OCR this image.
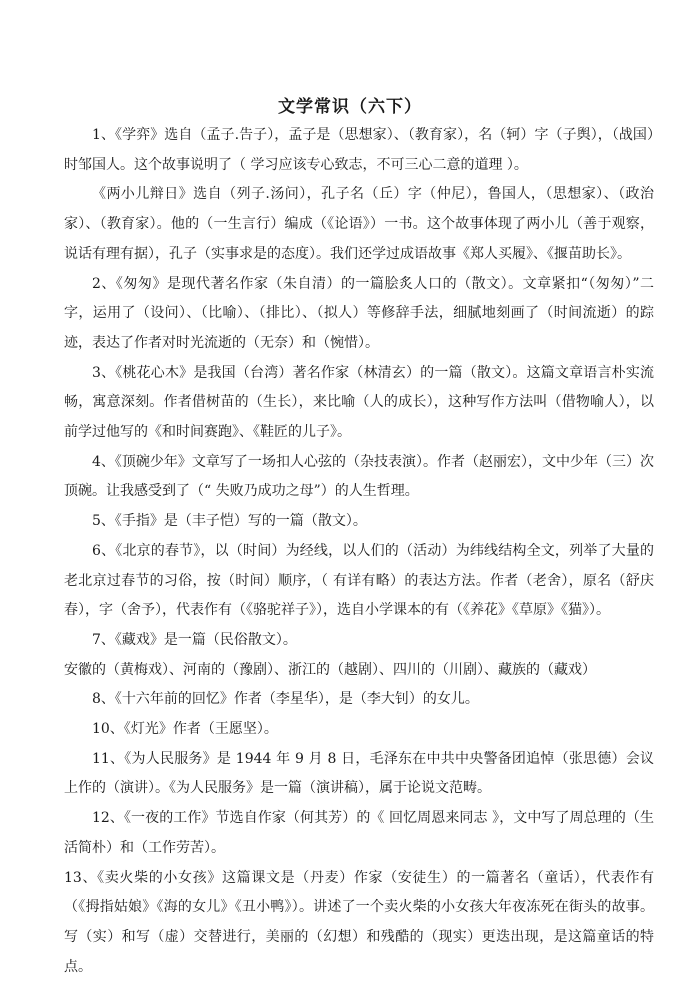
文学常识（六下）

1、《学弈》选自（孟子.告子），孟子是（思想家）、（教育家），名（轲）字（子舆），（战国）时邹国人。这个故事说明了（ 学习应该专心致志，不可三心二意的道理 ）。

《两小儿辩日》选自（列子.汤问），孔子名（丘）字（仲尼），鲁国人，（思想家）、（政治家）、（教育家）。他的（一生言行）编成（《论语》）一书。这个故事体现了两小儿（善于观察，说话有理有据），孔子（实事求是的态度）。我们还学过成语故事《郑人买履》、《揠苗助长》。

2、《匆匆》是现代著名作家（朱自清）的一篇脍炙人口的（散文）。文章紧扣“（匆匆）”二字，运用了（设问）、（比喻）、（排比）、（拟人）等修辞手法，细腻地刻画了（时间流逝）的踪迹，表达了作者对时光流逝的（无奈）和（惋惜）。

3、《桃花心木》是我国（台湾）著名作家（林清玄）的一篇（散文）。这篇文章语言朴实流畅，寓意深刻。作者借树苗的（生长），来比喻（人的成长），这种写作方法叫（借物喻人），以前学过他写的《和时间赛跑》、《鞋匠的儿子》。

4、《顶碗少年》文章写了一场扣人心弦的（杂技表演）。作者（赵丽宏），文中少年（三）次顶碗。让我感受到了（“ 失败乃成功之母”）的人生哲理。

5、《手指》是（丰子恺）写的一篇（散文）。

6、《北京的春节》，以（时间）为经线，以人们的（活动）为纬线结构全文，列举了大量的老北京过春节的习俗，按（时间）顺序，（ 有详有略）的表达方法。作者（老舍），原名（舒庆春），字（舍予），代表作有（《骆驼祥子》），选自小学课本的有（《养花》《草原》《猫》）。

7、《藏戏》是一篇（民俗散文）。

安徽的（黄梅戏）、河南的（豫剧）、浙江的（越剧）、四川的（川剧）、藏族的（藏戏）

8、《十六年前的回忆》作者（李星华），是（李大钊）的女儿。

10、《灯光》作者（王愿坚）。

11、《为人民服务》是 1944 年 9 月 8 日，毛泽东在中共中央警备团追悼（张思德）会议上作的（演讲）。《为人民服务》是一篇（演讲稿），属于论说文范畴。

12、《一夜的工作》节选自作家（何其芳）的《 回忆周恩来同志 》，文中写了周总理的（生活简朴）和（工作劳苦）。

13、《卖火柴的小女孩》这篇课文是（丹麦）作家（安徒生）的一篇著名（童话），代表作有（《拇指姑娘》《海的女儿》《丑小鸭》）。讲述了一个卖火柴的小女孩大年夜冻死在街头的故事。写（实）和写（虚）交替进行，美丽的（幻想）和残酷的（现实）更迭出现，是这篇童话的特点。
